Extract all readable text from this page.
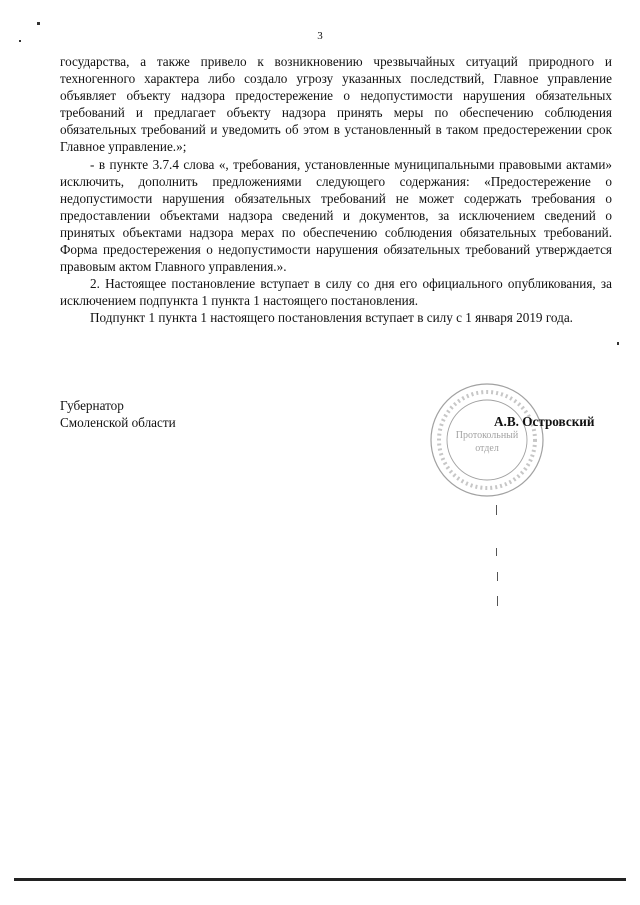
3

государства, а также привело к возникновению чрезвычайных ситуаций природного и техногенного характера либо создало угрозу указанных последствий, Главное управление объявляет объекту надзора предостережение о недопустимости нарушения обязательных требований и предлагает объекту надзора принять меры по обеспечению соблюдения обязательных требований и уведомить об этом в установленный в таком предостережении срок Главное управление.»;

- в пункте 3.7.4 слова «, требования, установленные муниципальными правовыми актами» исключить, дополнить предложениями следующего содержания: «Предостережение о недопустимости нарушения обязательных требований не может содержать требования о предоставлении объектами надзора сведений и документов, за исключением сведений о принятых объектами надзора мерах по обеспечению соблюдения обязательных требований. Форма предостережения о недопустимости нарушения обязательных требований утверждается правовым актом Главного управления.».

2. Настоящее постановление вступает в силу со дня его официального опубликования, за исключением подпункта 1 пункта 1 настоящего постановления.

Подпункт 1 пункта 1 настоящего постановления вступает в силу с 1 января 2019 года.

Губернатор
Смоленской области
Протокольный
отдел
А.В. Островский
